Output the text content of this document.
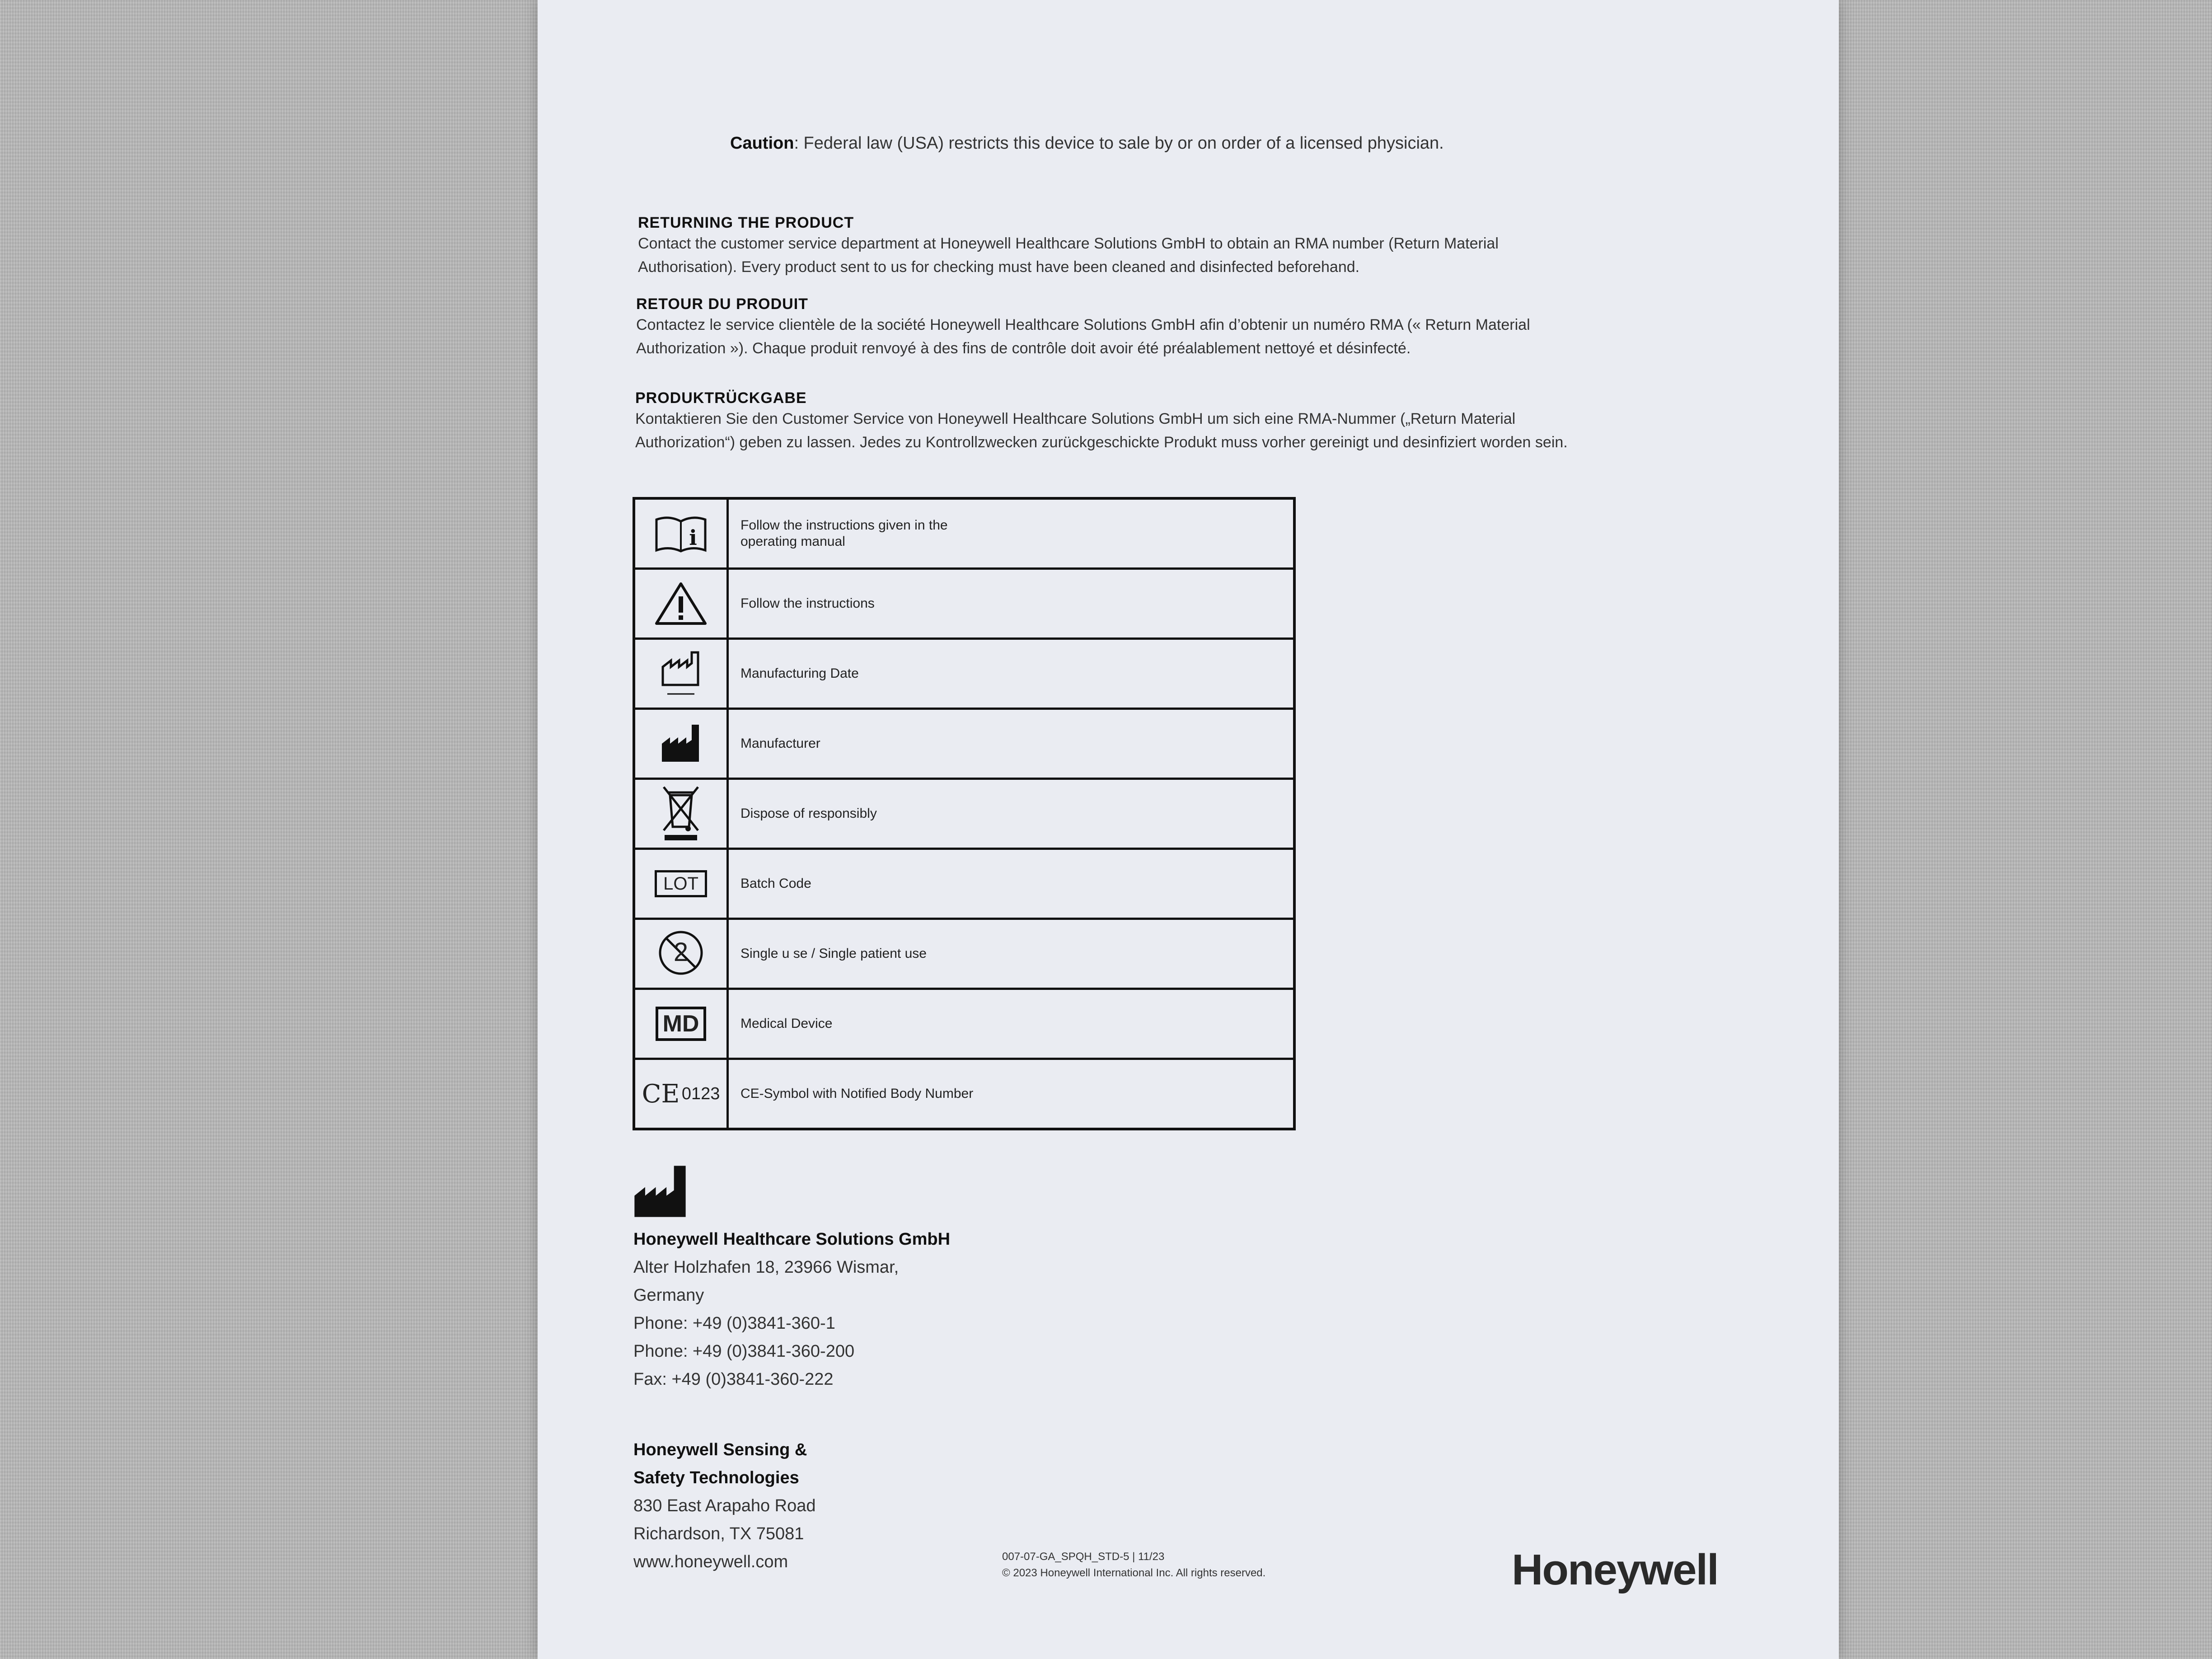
Caution: Federal law (USA) restricts this device to sale by or on order of a licensed physician.
RETURNING THE PRODUCT
Contact the customer service department at Honeywell Healthcare Solutions GmbH to obtain an RMA number (Return Material
Authorisation). Every product sent to us for checking must have been cleaned and disinfected beforehand.
RETOUR DU PRODUIT
Contactez le service clientèle de la société Honeywell Healthcare Solutions GmbH afin d’obtenir un numéro RMA (« Return Material
Authorization »). Chaque produit renvoyé à des fins de contrôle doit avoir été préalablement nettoyé et désinfecté.
PRODUKTRÜCKGABE
Kontaktieren Sie den Customer Service von Honeywell Healthcare Solutions GmbH um sich eine RMA-Nummer („Return Material
Authorization“) geben zu lassen. Jedes zu Kontrollzwecken zurückgeschickte Produkt muss vorher gereinigt und desinfiziert worden sein.
i	Follow the instructions given in the
operating manual

	Follow the instructions

	Manufacturing Date

	Manufacturer

	Dispose of responsibly
LOT	Batch Code

2	Single u se / Single patient use
MD	Medical Device
CE 0123	CE-Symbol with Notified Body Number
Honeywell Healthcare Solutions GmbH
Alter Holzhafen 18, 23966 Wismar,
Germany
Phone: +49 (0)3841-360-1
Phone: +49 (0)3841-360-200
Fax: +49 (0)3841-360-222
Honeywell Sensing &
Safety Technologies
830 East Arapaho Road
Richardson, TX 75081
www.honeywell.com	007-07-GA_SPQH_STD-5 | 11/23
© 2023 Honeywell International Inc. All rights reserved.	Honeywell
